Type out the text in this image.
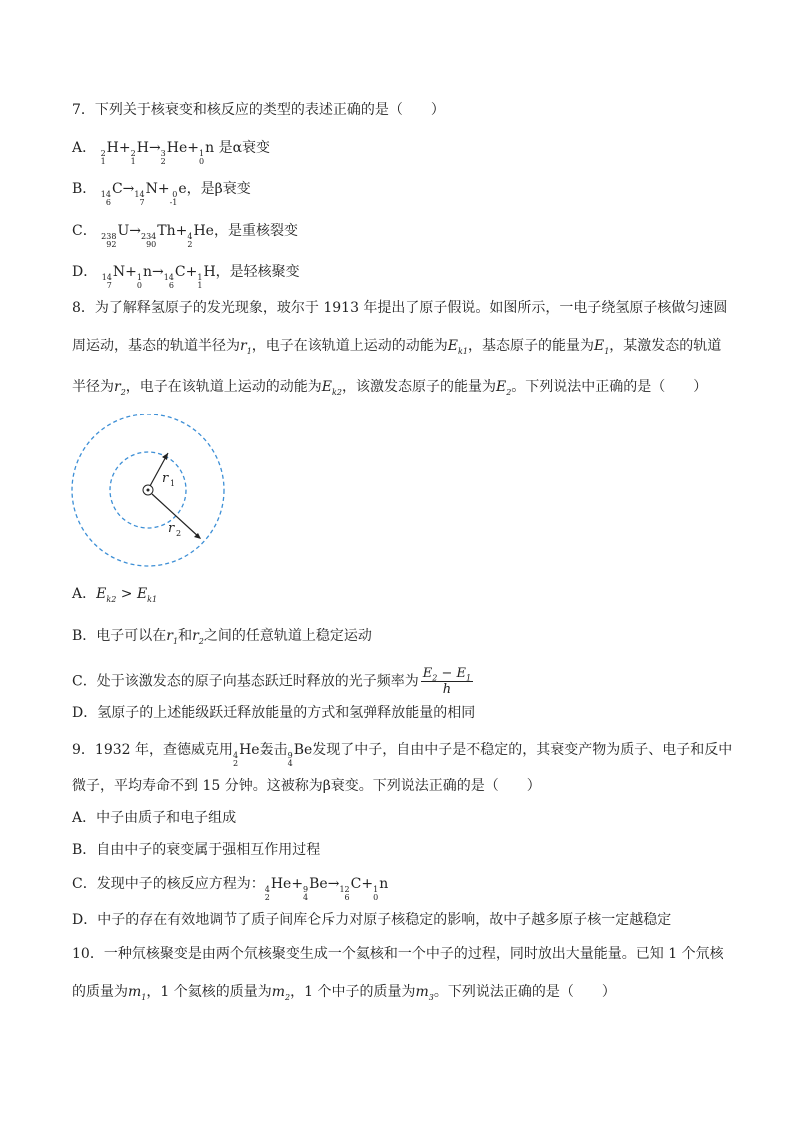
7．下列关于核衰变和核反应的类型的表述正确的是（　　）
A． 2
1
H+ 2
1
H→ 3
2
He+ 1
0
n 是α衰变
B． 14
6
C→ 14
7
N+ 0
-1
e，是β衰变
C． 238
92
U→ 234
90
Th+ 4
2
He，是重核裂变
D． 14
7
N+ 1
0
n→ 14
6
C+ 1
1
H，是轻核聚变
8．为了解释氢原子的发光现象，玻尔于 1913 年提出了原子假说。如图所示，一电子绕氢原子核做匀速圆
周运动，基态的轨道半径为$r_1$，电子在该轨道上运动的动能为$E_{k1}$，基态原子的能量为$E_1$，某激发态的轨道
半径为$r_2$，电子在该轨道上运动的动能为$E_{k2}$，该激发态原子的能量为$E_2$。下列说法中正确的是（　　）
r 1
r 2
A．$E_{k2} > E_{k1}$
B．电子可以在$r_1$和$r_2$之间的任意轨道上稳定运动
C．处于该激发态的原子向基态跃迁时释放的光子频率为 $\frac{E_2 - E_1}{h}$
D．氢原子的上述能级跃迁释放能量的方式和氢弹释放能量的相同
9．1932 年，查德威克用 4
2
He轰击 9
4
Be发现了中子，自由中子是不稳定的，其衰变产物为质子、电子和反中
微子，平均寿命不到 15 分钟。这被称为β衰变。下列说法正确的是（　　）
A．中子由质子和电子组成
B．自由中子的衰变属于强相互作用过程
C．发现中子的核反应方程为： 4
2
He+ 9
4
Be→ 12
6
C+ 1
0
n
D．中子的存在有效地调节了质子间库仑斥力对原子核稳定的影响，故中子越多原子核一定越稳定
10．一种氘核聚变是由两个氘核聚变生成一个氦核和一个中子的过程，同时放出大量能量。已知 1 个氘核
的质量为$m_1$，1 个氦核的质量为$m_2$，1 个中子的质量为$m_3$。下列说法正确的是（　　）
